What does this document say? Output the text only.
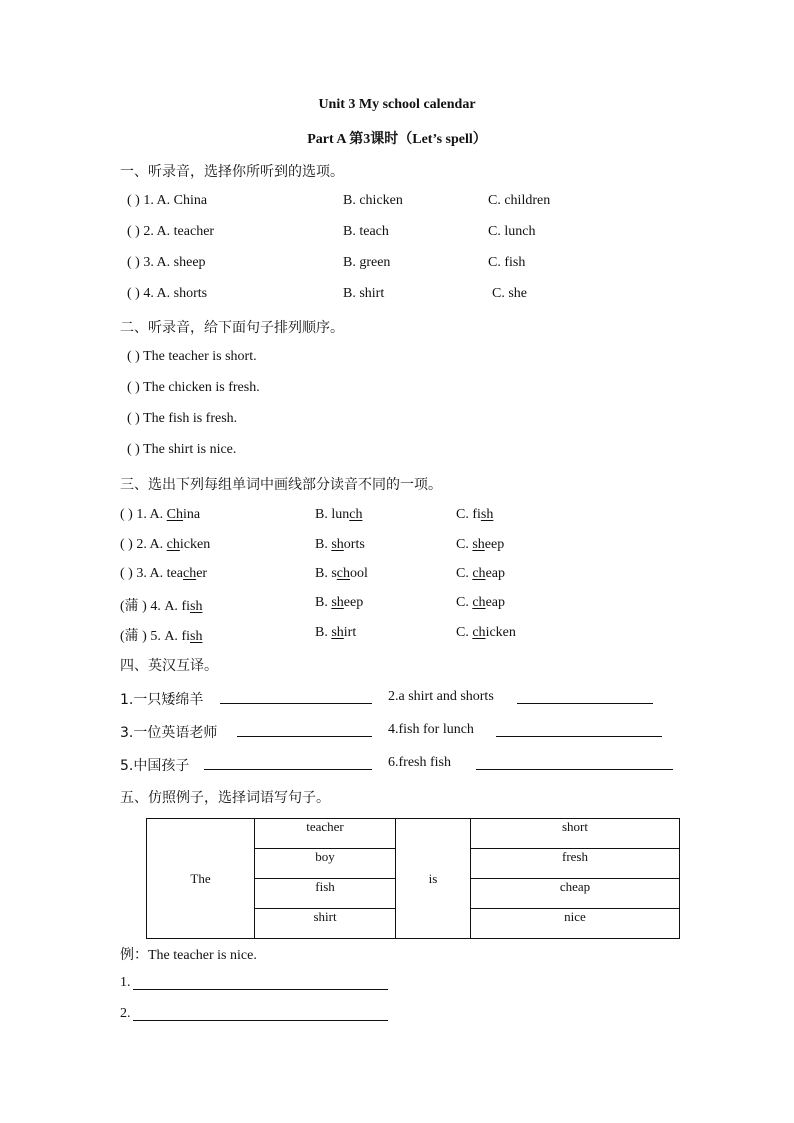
Unit 3 My school calendar
Part A 第3课时（Let’s spell）
一、听录音，选择你所听到的选项。
( ) 1. A. China	B. chicken	C. children
( ) 2. A. teacher	B. teach	C. lunch
( ) 3. A. sheep	B. green	C. fish
( ) 4. A. shorts	B. shirt	C. she
二、听录音，给下面句子排列顺序。
( ) The teacher is short.
( ) The chicken is fresh.
( ) The fish is fresh.
( ) The shirt is nice.
三、选出下列每组单词中画线部分读音不同的一项。
( ) 1. A. China	B. lunch	C. fish
( ) 2. A. chicken	B. shorts	C. sheep
( ) 3. A. teacher	B. school	C. cheap
(蒲 ) 4. A. fish	B. sheep	C. cheap
(蒲 ) 5. A. fish	B. shirt	C. chicken
四、英汉互译。
1.一只矮绵羊	2.a shirt and shorts
3.一位英语老师	4.fish for lunch
5.中国孩子	6.fresh fish
五、仿照例子，选择词语写句子。
The	teacher	is	short
	boy		fresh
	fish		cheap
	shirt		nice
例：The teacher is nice.
1.
2.
